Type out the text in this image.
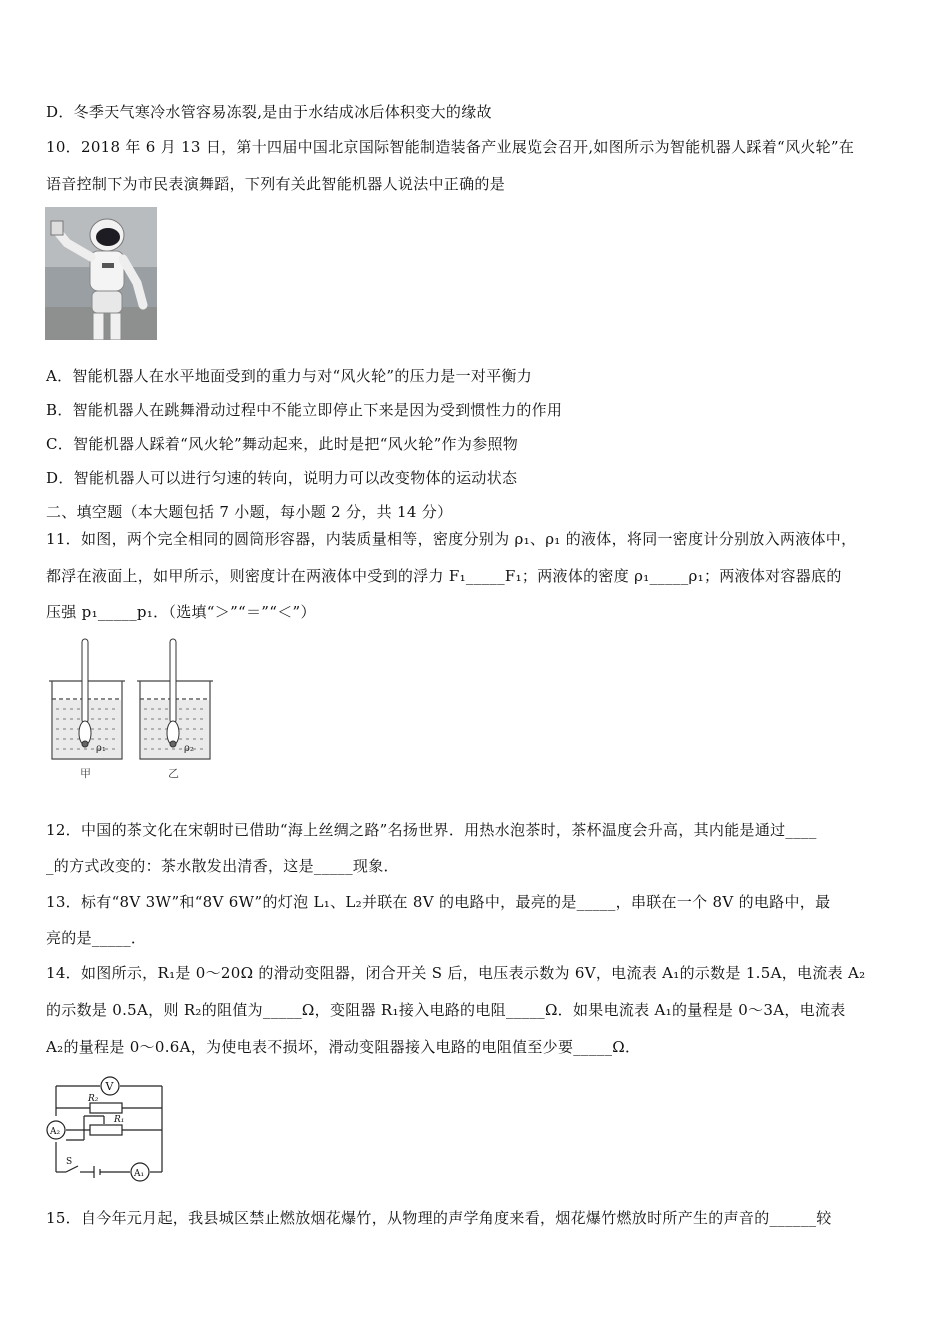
D．冬季天气寒冷水管容易冻裂,是由于水结成冰后体积变大的缘故
10．2018 年 6 月 13 日，第十四届中国北京国际智能制造装备产业展览会召开,如图所示为智能机器人踩着“风火轮”在
语音控制下为市民表演舞蹈，下列有关此智能机器人说法中正确的是
A．智能机器人在水平地面受到的重力与对“风火轮”的压力是一对平衡力
B．智能机器人在跳舞滑动过程中不能立即停止下来是因为受到惯性力的作用
C．智能机器人踩着“风火轮”舞动起来，此时是把“风火轮”作为参照物
D．智能机器人可以进行匀速的转向，说明力可以改变物体的运动状态
二、填空题（本大题包括 7 小题，每小题 2 分，共 14 分）
11．如图，两个完全相同的圆筒形容器，内装质量相等，密度分别为 ρ₁、ρ₁ 的液体，将同一密度计分别放入两液体中，
都浮在液面上，如甲所示，则密度计在两液体中受到的浮力 F₁_____F₁；两液体的密度 ρ₁_____ρ₁；两液体对容器底的
压强 p₁_____p₁．（选填“＞”“＝”“＜”）
ρ₁	ρ₂
甲	乙
12．中国的茶文化在宋朝时已借助“海上丝绸之路”名扬世界．用热水泡茶时，茶杯温度会升高，其内能是通过____
_的方式改变的：茶水散发出清香，这是_____现象．
13．标有“8V 3W”和“8V 6W”的灯泡 L₁、L₂并联在 8V 的电路中，最亮的是_____，串联在一个 8V 的电路中，最
亮的是_____．
14．如图所示，R₁是 0～20Ω 的滑动变阻器，闭合开关 S 后，电压表示数为 6V，电流表 A₁的示数是 1.5A，电流表 A₂
的示数是 0.5A，则 R₂的阻值为_____Ω，变阻器 R₁接入电路的电阻_____Ω．如果电流表 A₁的量程是 0～3A，电流表
A₂的量程是 0～0.6A，为使电表不损坏，滑动变阻器接入电路的电阻值至少要_____Ω．
V
R₂
R₁
A₂
A₁
S
15．自今年元月起，我县城区禁止燃放烟花爆竹，从物理的声学角度来看，烟花爆竹燃放时所产生的声音的______较
